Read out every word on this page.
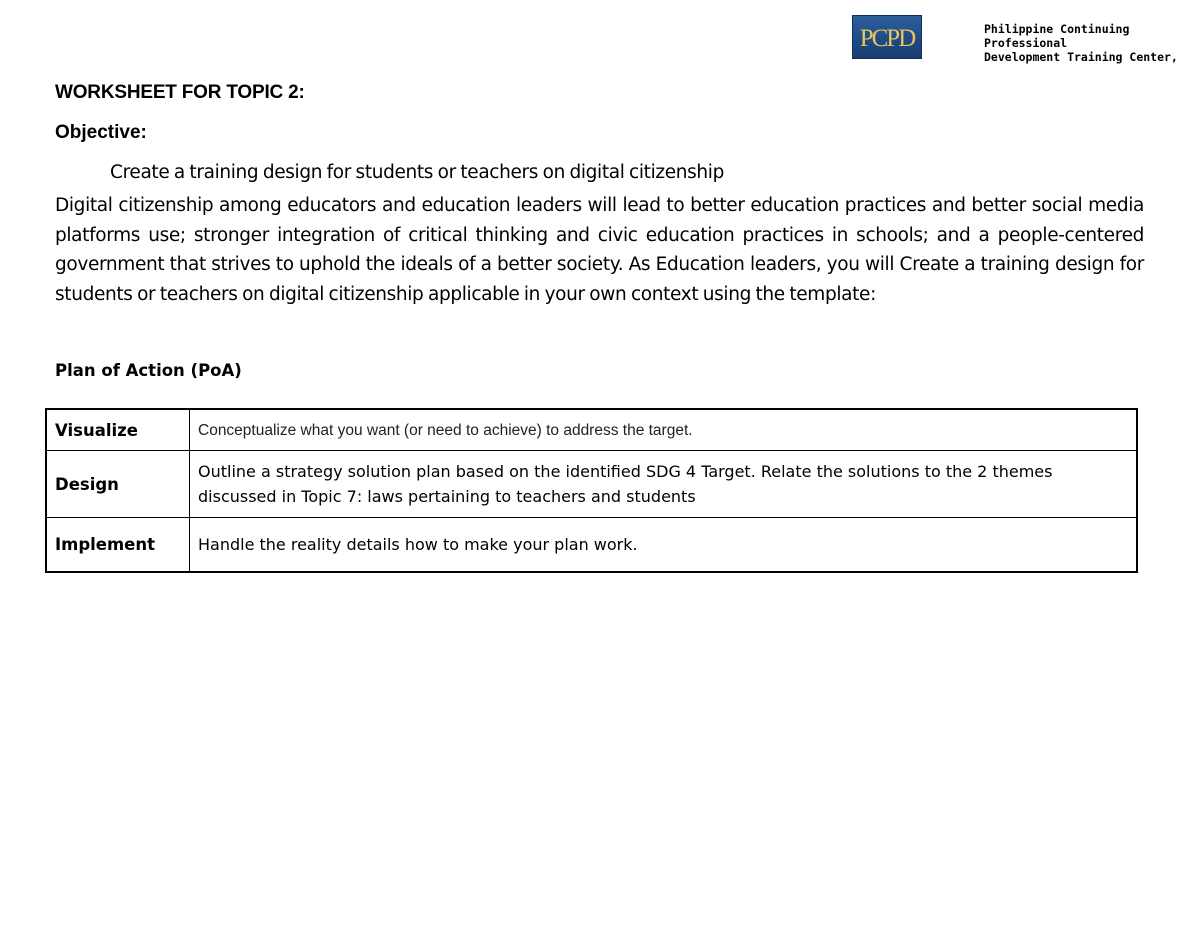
PCPD	Philippine Continuing
Professional
Development Training Center,
WORKSHEET FOR TOPIC 2:
Objective:
Create a training design for students or teachers on digital citizenship
Digital citizenship among educators and education leaders will lead to better education practices and better social media platforms use; stronger integration of critical thinking and civic education practices in schools; and a people-centered government that strives to uphold the ideals of a better society. As Education leaders, you will Create a training design for students or teachers on digital citizenship applicable in your own context using the template:
Plan of Action (PoA)
Visualize	Conceptualize what you want (or need to achieve) to address the target.
Design	Outline a strategy solution plan based on the identified SDG 4 Target. Relate the solutions to the 2 themes discussed in Topic 7: laws pertaining to teachers and students
Implement	Handle the reality details how to make your plan work.
